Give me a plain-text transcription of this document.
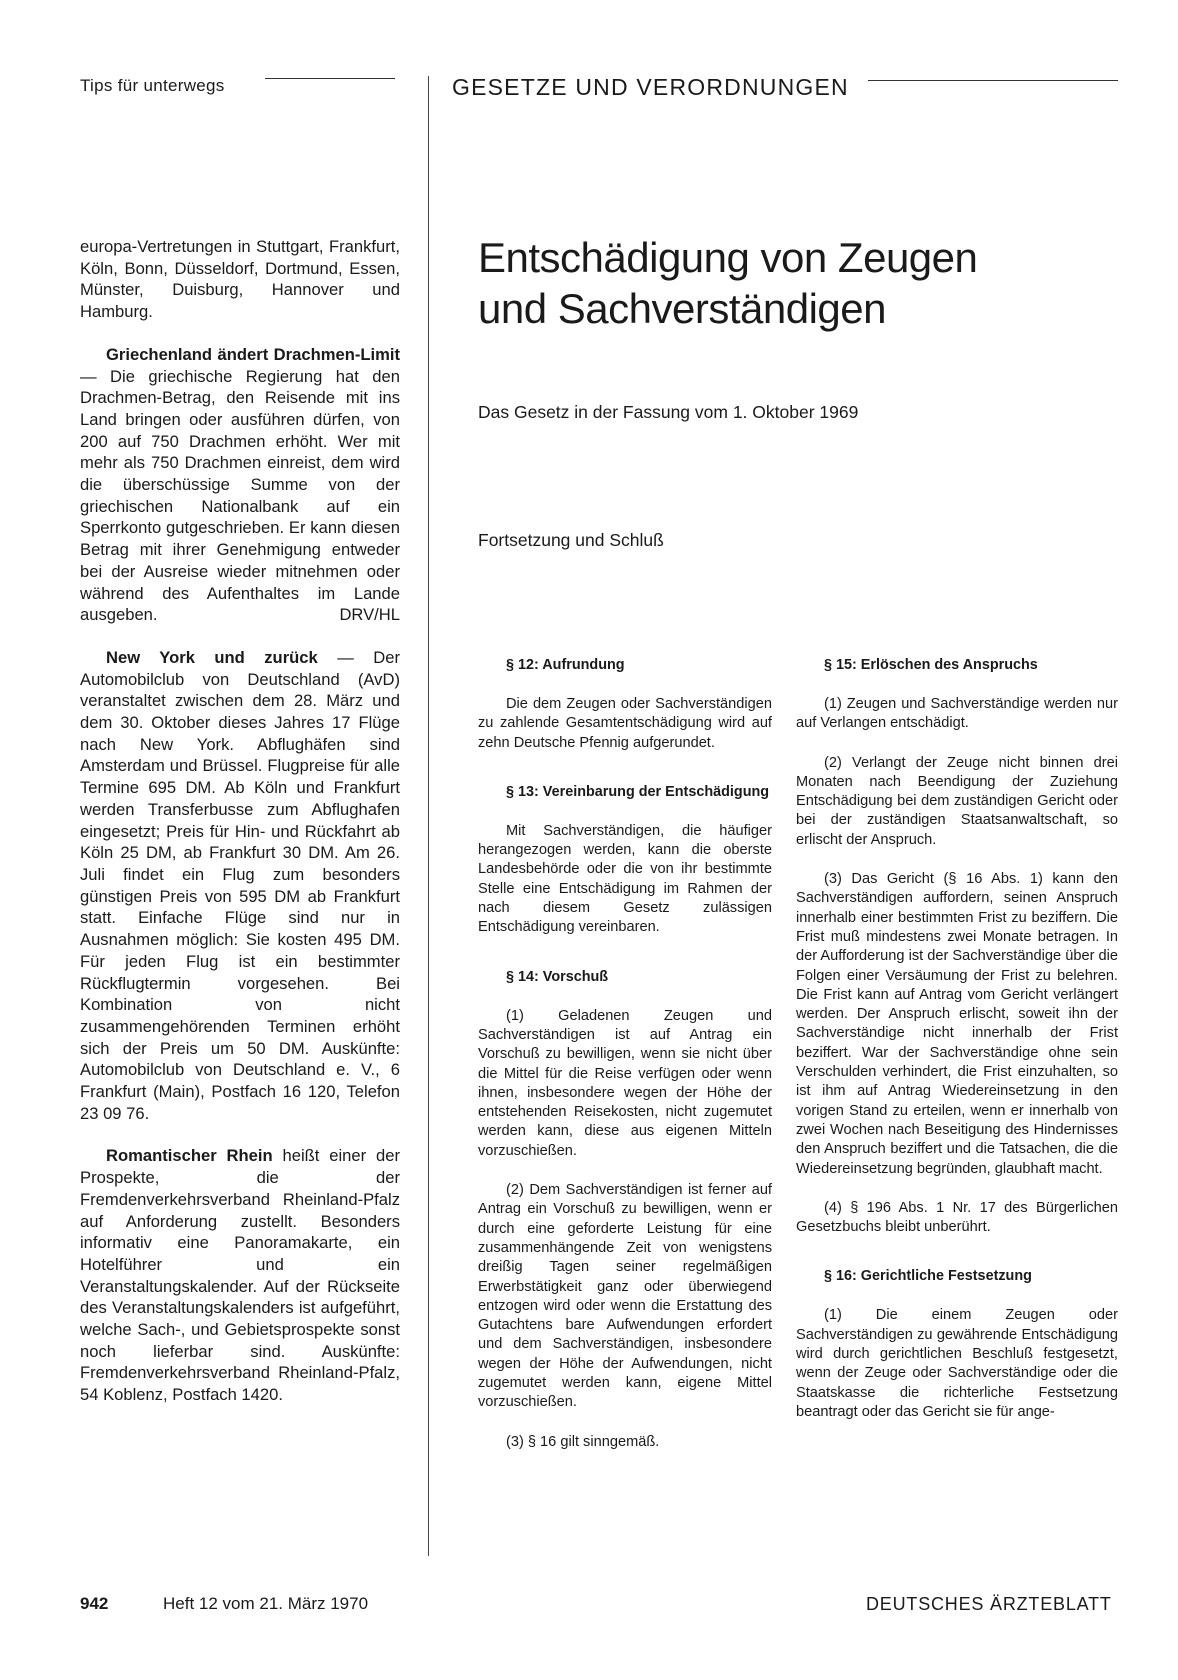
Tips für unterwegs	GESETZE UND VERORDNUNGEN

europa-Vertretungen in Stuttgart, Frankfurt, Köln, Bonn, Düsseldorf, Dortmund, Essen, Münster, Duisburg, Hannover und Hamburg.

Griechenland ändert Drachmen-Limit — Die griechische Regierung hat den Drachmen-Betrag, den Reisende mit ins Land bringen oder ausführen dürfen, von 200 auf 750 Drachmen erhöht. Wer mit mehr als 750 Drachmen einreist, dem wird die überschüssige Summe von der griechischen Nationalbank auf ein Sperrkonto gutgeschrieben. Er kann diesen Betrag mit ihrer Genehmigung entweder bei der Ausreise wieder mitnehmen oder während des Aufenthaltes im Lande ausgeben.	DRV/HL

New York und zurück — Der Automobilclub von Deutschland (AvD) veranstaltet zwischen dem 28. März und dem 30. Oktober dieses Jahres 17 Flüge nach New York. Abflughäfen sind Amsterdam und Brüssel. Flugpreise für alle Termine 695 DM. Ab Köln und Frankfurt werden Transferbusse zum Abflughafen eingesetzt; Preis für Hin- und Rückfahrt ab Köln 25 DM, ab Frankfurt 30 DM. Am 26. Juli findet ein Flug zum besonders günstigen Preis von 595 DM ab Frankfurt statt. Einfache Flüge sind nur in Ausnahmen möglich: Sie kosten 495 DM. Für jeden Flug ist ein bestimmter Rückflugtermin vorgesehen. Bei Kombination von nicht zusammengehörenden Terminen erhöht sich der Preis um 50 DM. Auskünfte: Automobilclub von Deutschland e. V., 6 Frankfurt (Main), Postfach 16 120, Telefon 23 09 76.

Romantischer Rhein heißt einer der Prospekte, die der Fremdenverkehrsverband Rheinland-Pfalz auf Anforderung zustellt. Besonders informativ eine Panoramakarte, ein Hotelführer und ein Veranstaltungskalender. Auf der Rückseite des Veranstaltungskalenders ist aufgeführt, welche Sach-, und Gebietsprospekte sonst noch lieferbar sind. Auskünfte: Fremdenverkehrsverband Rheinland-Pfalz, 54 Koblenz, Postfach 1420.

Entschädigung von Zeugen
und Sachverständigen
Das Gesetz in der Fassung vom 1. Oktober 1969
Fortsetzung und Schluß
§ 12: Aufrundung

Die dem Zeugen oder Sachverständigen zu zahlende Gesamtentschädigung wird auf zehn Deutsche Pfennig aufgerundet.

§ 13: Vereinbarung der Entschädigung

Mit Sachverständigen, die häufiger herangezogen werden, kann die oberste Landesbehörde oder die von ihr bestimmte Stelle eine Entschädigung im Rahmen der nach diesem Gesetz zulässigen Entschädigung vereinbaren.

§ 14: Vorschuß

(1) Geladenen Zeugen und Sachverständigen ist auf Antrag ein Vorschuß zu bewilligen, wenn sie nicht über die Mittel für die Reise verfügen oder wenn ihnen, insbesondere wegen der Höhe der entstehenden Reisekosten, nicht zugemutet werden kann, diese aus eigenen Mitteln vorzuschießen.

(2) Dem Sachverständigen ist ferner auf Antrag ein Vorschuß zu bewilligen, wenn er durch eine geforderte Leistung für eine zusammenhängende Zeit von wenigstens dreißig Tagen seiner regelmäßigen Erwerbstätigkeit ganz oder überwiegend entzogen wird oder wenn die Erstattung des Gutachtens bare Aufwendungen erfordert und dem Sachverständigen, insbesondere wegen der Höhe der Aufwendungen, nicht zugemutet werden kann, eigene Mittel vorzuschießen.

(3) § 16 gilt sinngemäß.

§ 15: Erlöschen des Anspruchs

(1) Zeugen und Sachverständige werden nur auf Verlangen entschädigt.

(2) Verlangt der Zeuge nicht binnen drei Monaten nach Beendigung der Zuziehung Entschädigung bei dem zuständigen Gericht oder bei der zuständigen Staatsanwaltschaft, so erlischt der Anspruch.

(3) Das Gericht (§ 16 Abs. 1) kann den Sachverständigen auffordern, seinen Anspruch innerhalb einer bestimmten Frist zu beziffern. Die Frist muß mindestens zwei Monate betragen. In der Aufforderung ist der Sachverständige über die Folgen einer Versäumung der Frist zu belehren. Die Frist kann auf Antrag vom Gericht verlängert werden. Der Anspruch erlischt, soweit ihn der Sachverständige nicht innerhalb der Frist beziffert. War der Sachverständige ohne sein Verschulden verhindert, die Frist einzuhalten, so ist ihm auf Antrag Wiedereinsetzung in den vorigen Stand zu erteilen, wenn er innerhalb von zwei Wochen nach Beseitigung des Hindernisses den Anspruch beziffert und die Tatsachen, die die Wiedereinsetzung begründen, glaubhaft macht.

(4) § 196 Abs. 1 Nr. 17 des Bürgerlichen Gesetzbuchs bleibt unberührt.

§ 16: Gerichtliche Festsetzung

(1) Die einem Zeugen oder Sachverständigen zu gewährende Entschädigung wird durch gerichtlichen Beschluß festgesetzt, wenn der Zeuge oder Sachverständige oder die Staatskasse die richterliche Festsetzung beantragt oder das Gericht sie für ange-

942	Heft 12 vom 21. März 1970	DEUTSCHES ÄRZTEBLATT
